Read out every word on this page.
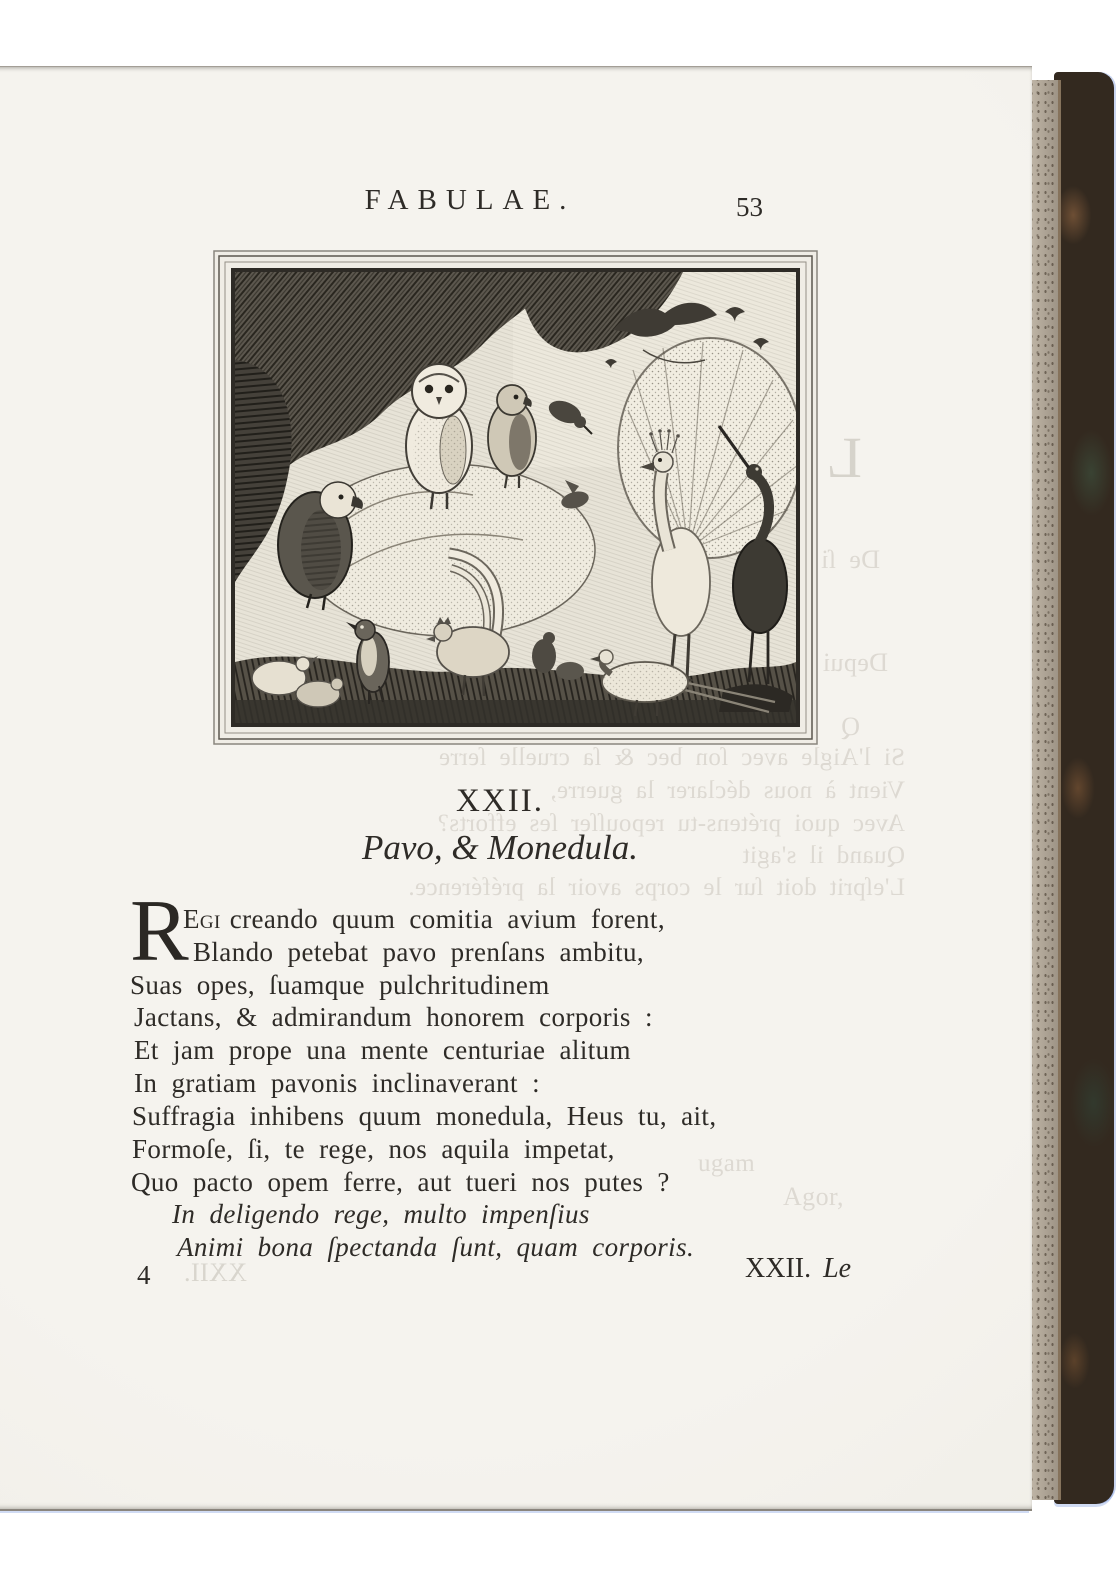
FABULAE.	53
L
De ſi
Depui
Q
Si l'Aigle avec ſon bec & ſa cruelle ſerre
Vient à nous déclarer la guerre,
Avec quoi prétens-tu repouſſer ſes efforts?
Quand il s'agit
L'eſprit doit ſur le corps avoir la préférence.
ugam
Agor,
XXII.
XXII.
Pavo, & Monedula.
R
Egi creando quum comitia avium forent,
Blando petebat pavo prenſans ambitu,
Suas opes, ſuamque pulchritudinem
Jactans, & admirandum honorem corporis :
Et jam prope una mente centuriae alitum
In gratiam pavonis inclinaverant :
Suffragia inhibens quum monedula, Heus tu, ait,
Formoſe, ſi, te rege, nos aquila impetat,
Quo pacto opem ferre, aut tueri nos putes ?
In deligendo rege, multo impenſius
Animi bona ſpectanda ſunt, quam corporis.
4	XXII. Le
